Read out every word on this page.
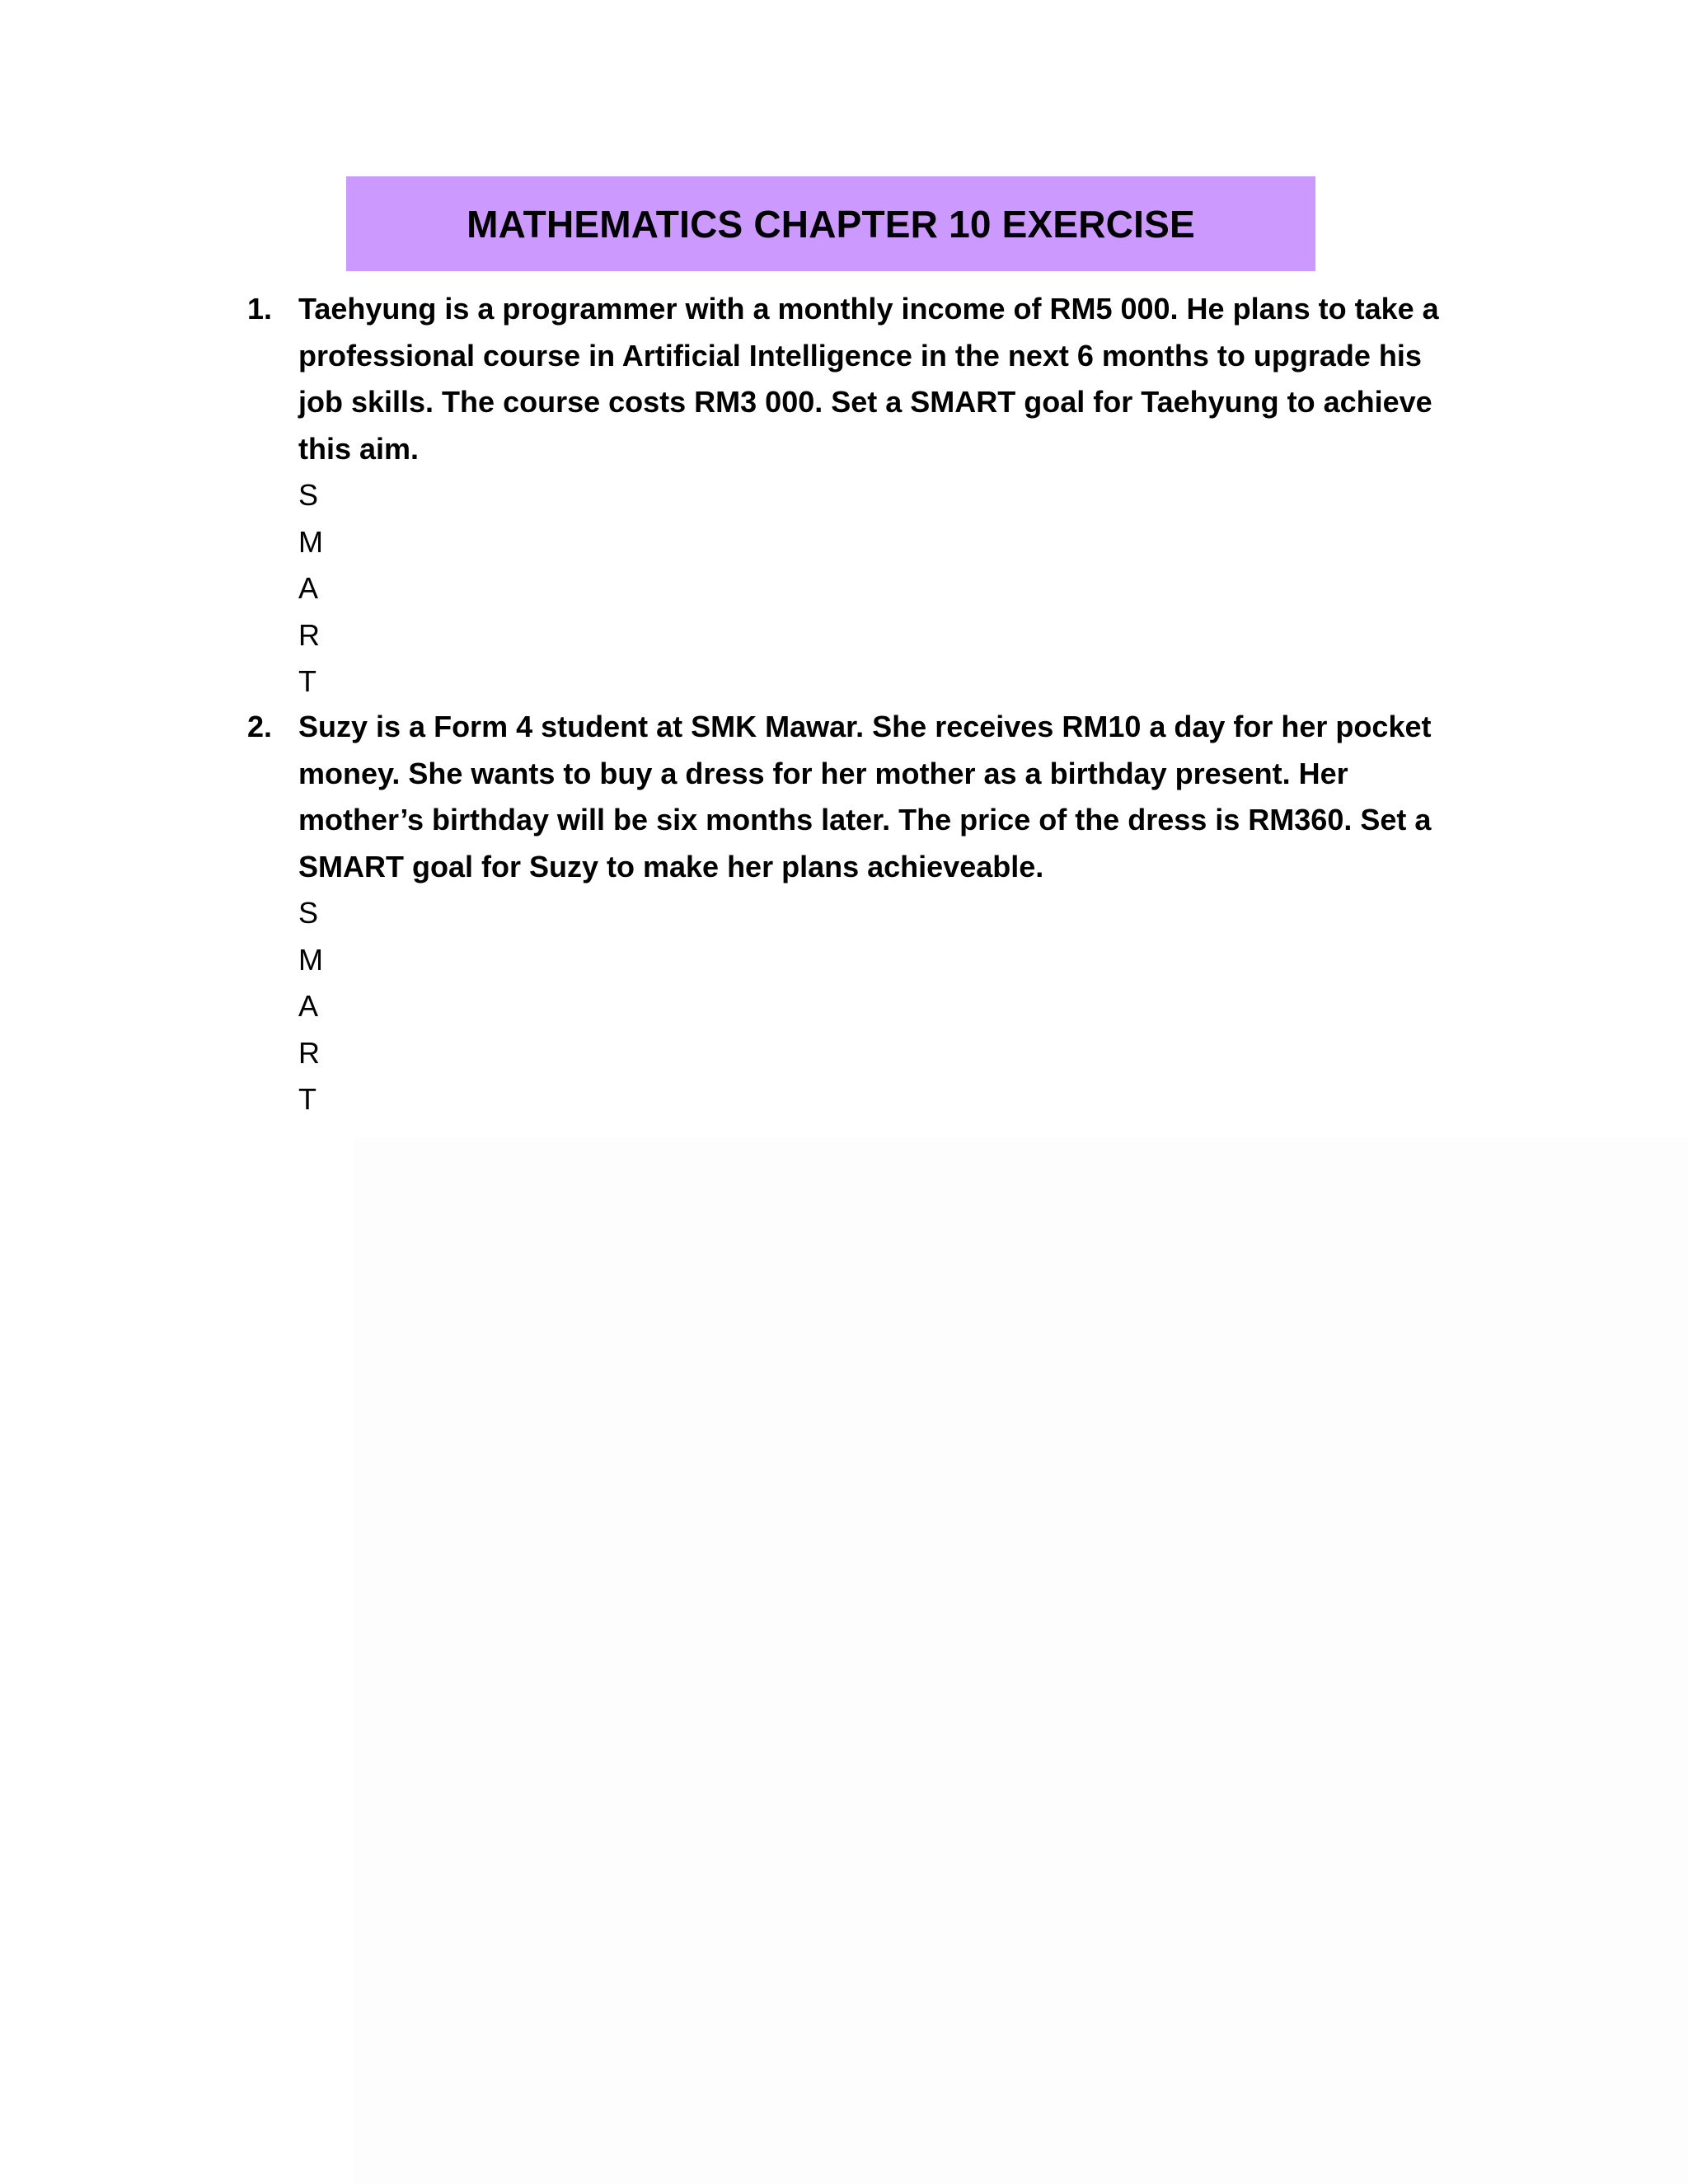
MATHEMATICS CHAPTER 10 EXERCISE
1. Taehyung is a programmer with a monthly income of RM5 000. He plans to take a professional course in Artificial Intelligence in the next 6 months to upgrade his job skills. The course costs RM3 000. Set a SMART goal for Taehyung to achieve this aim.

S
M
A
R
T
2. Suzy is a Form 4 student at SMK Mawar. She receives RM10 a day for her pocket money. She wants to buy a dress for her mother as a birthday present. Her mother’s birthday will be six months later. The price of the dress is RM360. Set a SMART goal for Suzy to make her plans achieveable.

S
M
A
R
T
